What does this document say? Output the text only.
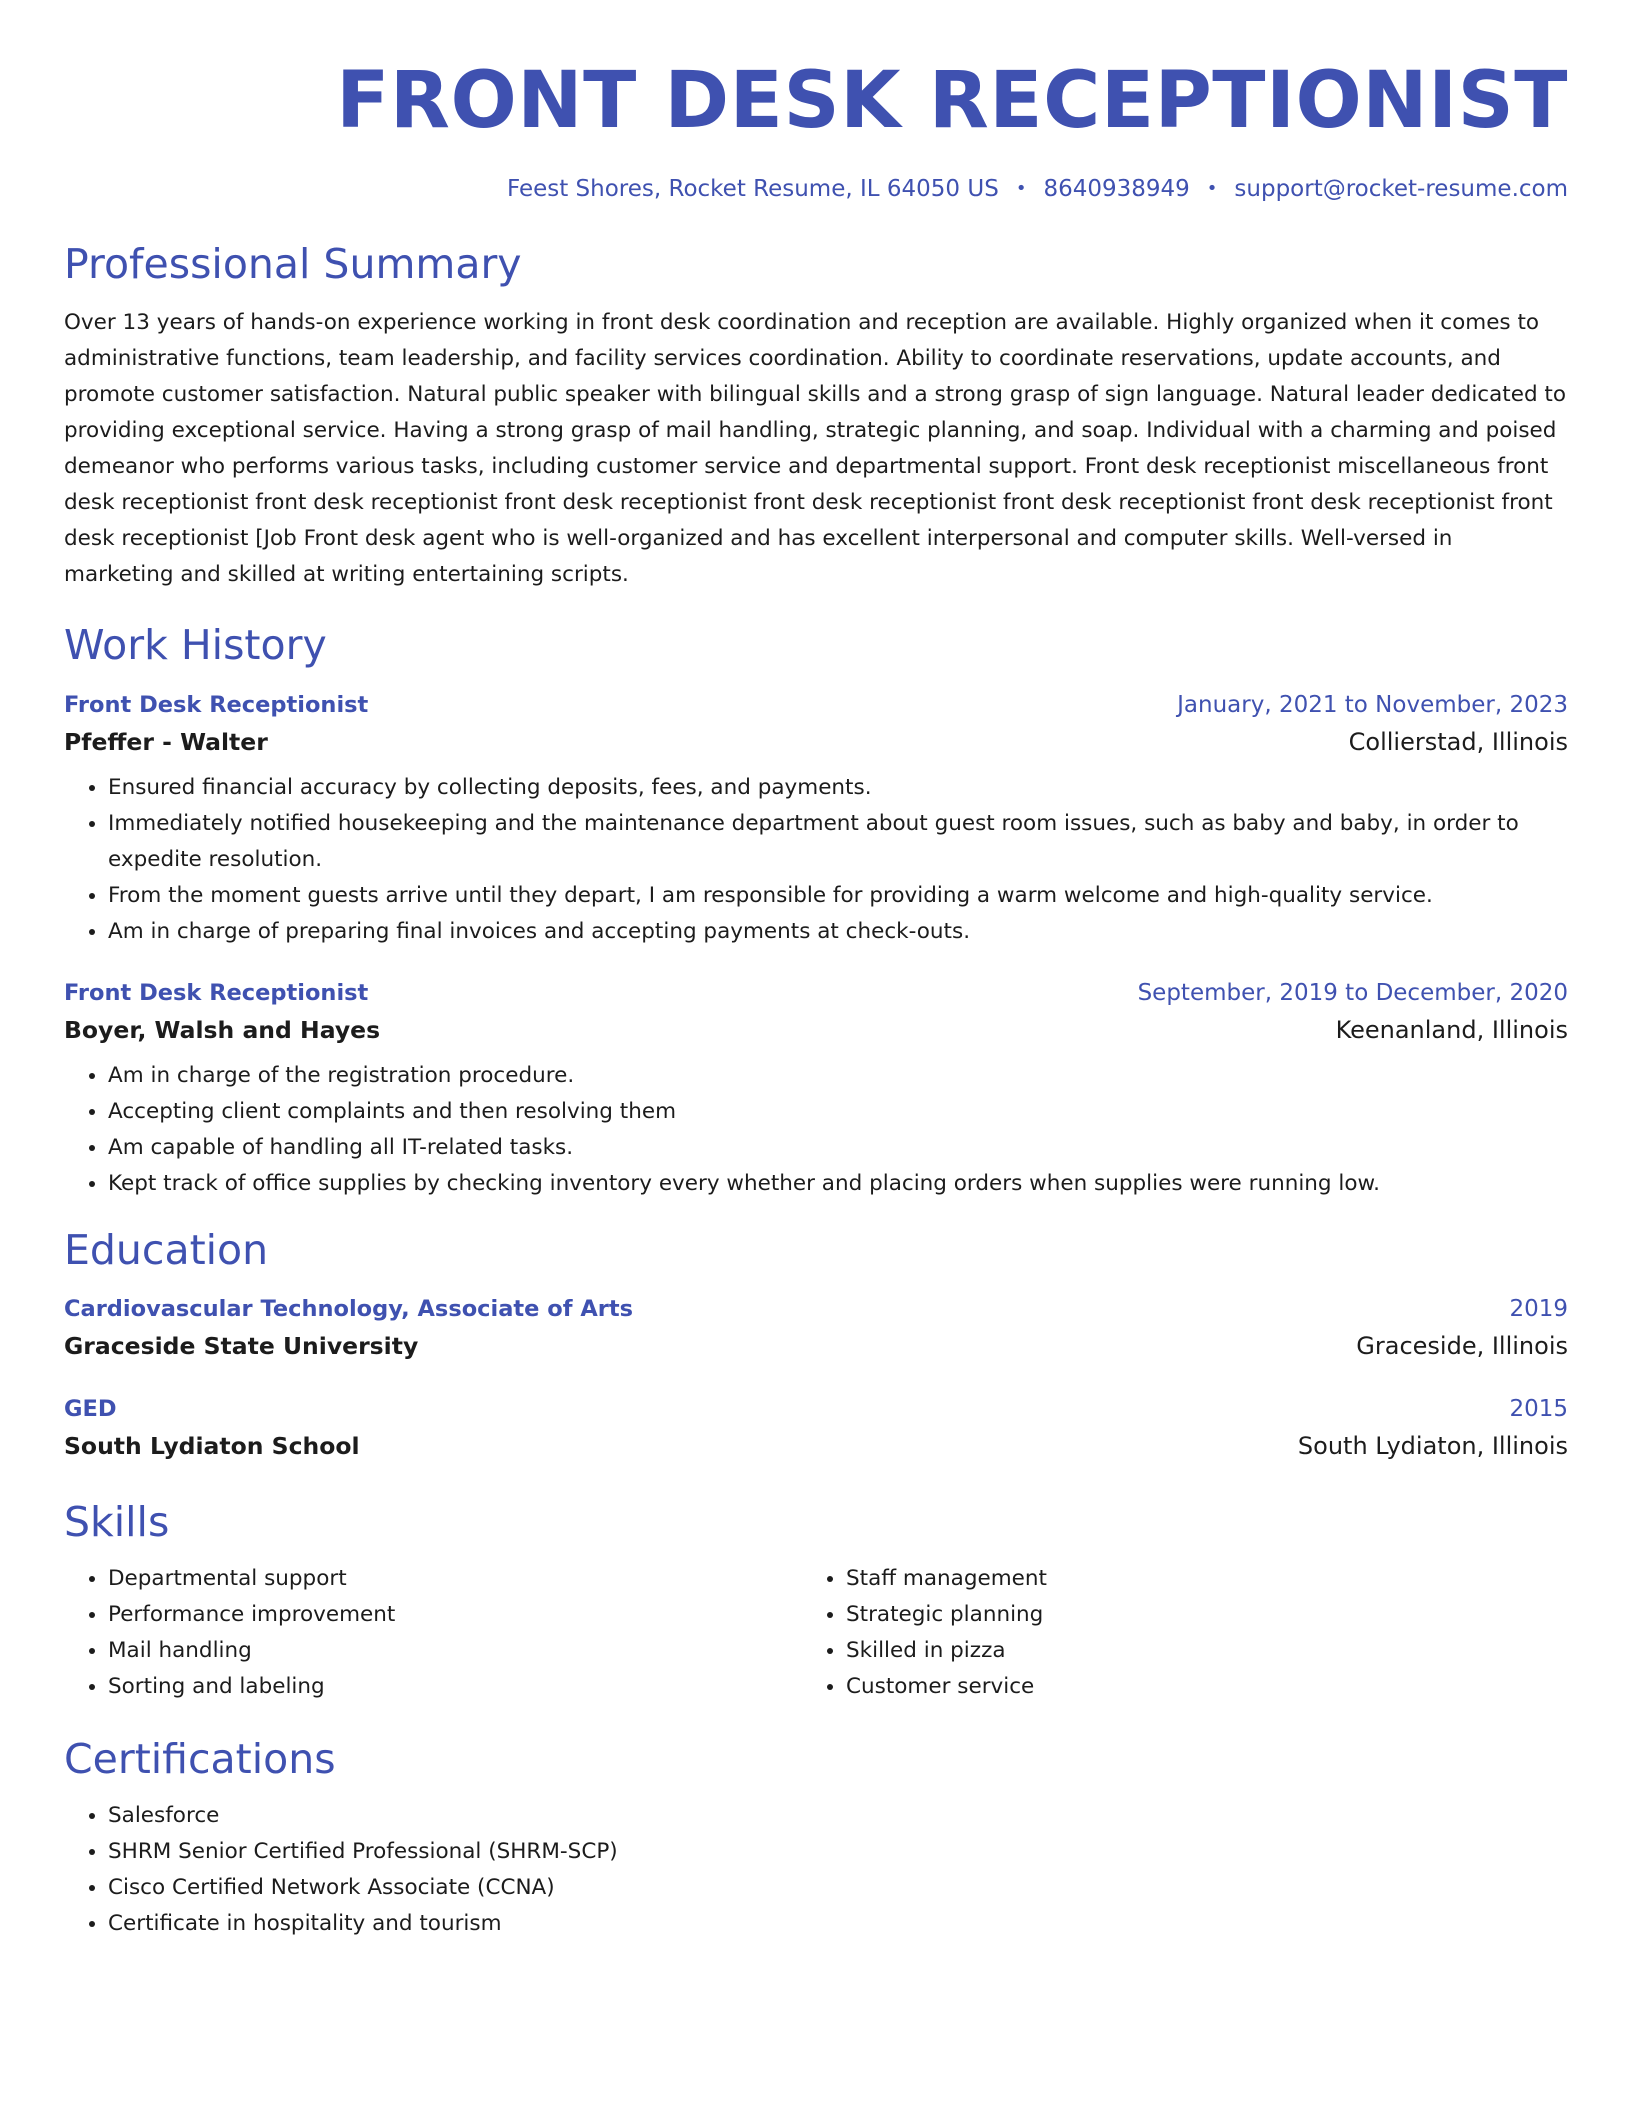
FRONT DESK RECEPTIONIST
Feest Shores, Rocket Resume, IL 64050 US • 8640938949 • support@rocket-resume.com
Professional Summary

Over 13 years of hands-on experience working in front desk coordination and reception are available. Highly organized when it comes to administrative functions, team leadership, and facility services coordination. Ability to coordinate reservations, update accounts, and promote customer satisfaction. Natural public speaker with bilingual skills and a strong grasp of sign language. Natural leader dedicated to providing exceptional service. Having a strong grasp of mail handling, strategic planning, and soap. Individual with a charming and poised demeanor who performs various tasks, including customer service and departmental support. Front desk receptionist miscellaneous front desk receptionist front desk receptionist front desk receptionist front desk receptionist front desk receptionist front desk receptionist front desk receptionist [Job Front desk agent who is well-organized and has excellent interpersonal and computer skills. Well-versed in marketing and skilled at writing entertaining scripts.

Work History
Front Desk Receptionist	January, 2021 to November, 2023
Pfeffer - Walter	Collierstad, Illinois
• Ensured financial accuracy by collecting deposits, fees, and payments.
• Immediately notified housekeeping and the maintenance department about guest room issues, such as baby and baby, in order to expedite resolution.
• From the moment guests arrive until they depart, I am responsible for providing a warm welcome and high-quality service.
• Am in charge of preparing final invoices and accepting payments at check-outs.
Front Desk Receptionist	September, 2019 to December, 2020
Boyer, Walsh and Hayes	Keenanland, Illinois
• Am in charge of the registration procedure.
• Accepting client complaints and then resolving them
• Am capable of handling all IT-related tasks.
• Kept track of office supplies by checking inventory every whether and placing orders when supplies were running low.
Education
Cardiovascular Technology, Associate of Arts	2019
Graceside State University	Graceside, Illinois
GED	2015
South Lydiaton School	South Lydiaton, Illinois
Skills
• Departmental support
• Performance improvement
• Mail handling
• Sorting and labeling
• Staff management
• Strategic planning
• Skilled in pizza
• Customer service
Certifications
• Salesforce
• SHRM Senior Certified Professional (SHRM-SCP)
• Cisco Certified Network Associate (CCNA)
• Certificate in hospitality and tourism
